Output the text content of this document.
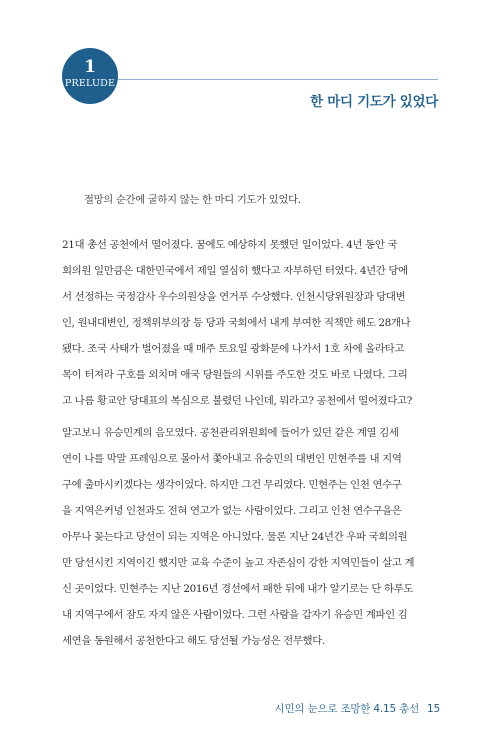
1
PRELUDE
한 마디 기도가 있었다
절망의 순간에 굴하지 않는 한 마디 기도가 있었다.

21대 총선 공천에서 떨어졌다. 꿈에도 예상하지 못했던 일이었다. 4년 동안 국
회의원 일만큼은 대한민국에서 제일 열심히 했다고 자부하던 터였다. 4년간 당에
서 선정하는 국정감사 우수의원상을 연거푸 수상했다. 인천시당위원장과 당대변
인, 원내대변인, 정책위부의장 등 당과 국회에서 내게 부여한 직책만 해도 28개나
됐다. 조국 사태가 벌어졌을 때 매주 토요일 광화문에 나가서 1호 차에 올라타고
목이 터져라 구호를 외치며 애국 당원들의 시위를 주도한 것도 바로 나였다. 그리
고 나름 황교안 당대표의 복심으로 불렸던 나인데, 뭐라고? 공천에서 떨어졌다고?

알고보니 유승민계의 음모였다. 공천관리위원회에 들어가 있던 같은 계열 김세
연이 나를 막말 프레임으로 몰아서 쫓아내고 유승민의 대변인 민현주를 내 지역
구에 출마시키겠다는 생각이었다. 하지만 그건 무리였다. 민현주는 인천 연수구
을 지역은커녕 인천과도 전혀 연고가 없는 사람이었다. 그리고 인천 연수구을은
아무나 꽂는다고 당선이 되는 지역은 아니었다. 물론 지난 24년간 우파 국회의원
만 당선시킨 지역이긴 했지만 교육 수준이 높고 자존심이 강한 지역민들이 살고 계
신 곳이었다. 민현주는 지난 2016년 경선에서 패한 뒤에 내가 알기로는 단 하루도
내 지역구에서 잠도 자지 않은 사람이었다. 그런 사람을 갑자기 유승민 계파인 김
세연을 동원해서 공천한다고 해도 당선될 가능성은 전무했다.

시민의 눈으로 조망한 4.15 총선 15
